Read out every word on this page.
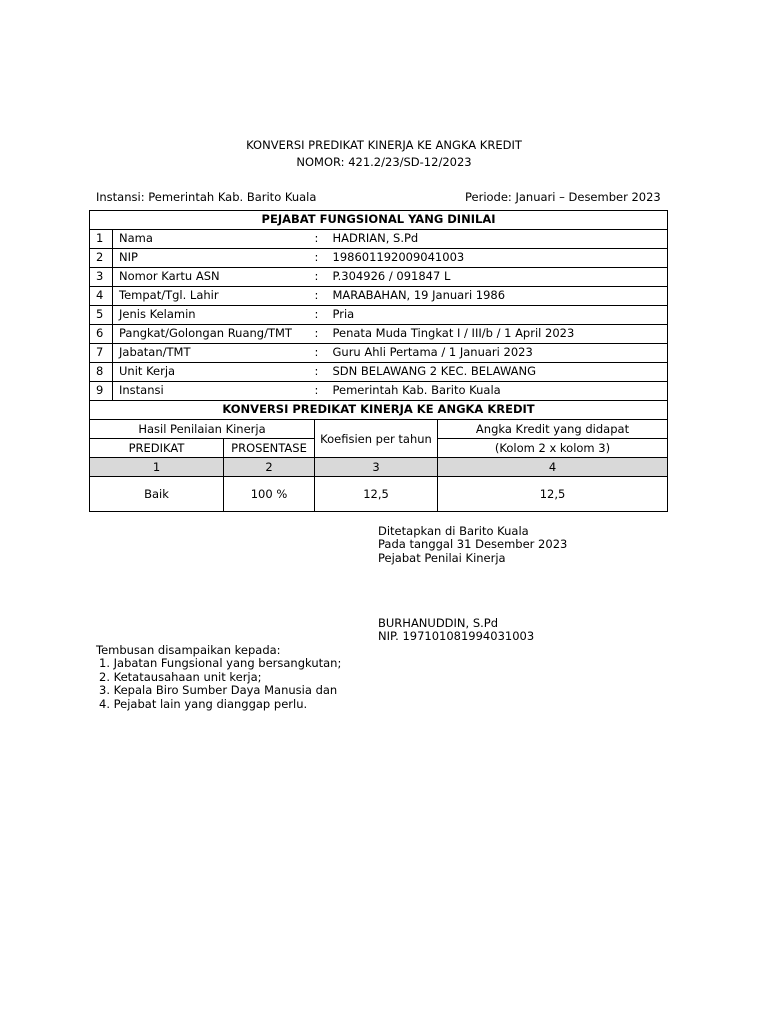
KONVERSI PREDIKAT KINERJA KE ANGKA KREDIT
NOMOR: 421.2/23/SD-12/2023
Instansi: Pemerintah Kab. Barito Kuala	Periode: Januari – Desember 2023
PEJABAT FUNGSIONAL YANG DINILAI				
1	Nama		: HADRIAN, S.Pd	
2	NIP		: 198601192009041003	
3	Nomor Kartu ASN		: P.304926 / 091847 L	
4	Tempat/Tgl. Lahir		: MARABAHAN, 19 Januari 1986	
5	Jenis Kelamin		: Pria	
6	Pangkat/Golongan Ruang/TMT		: Penata Muda Tingkat I / III/b / 1 April 2023	
7	Jabatan/TMT		: Guru Ahli Pertama / 1 Januari 2023	
8	Unit Kerja		: SDN BELAWANG 2 KEC. BELAWANG	
9	Instansi		: Pemerintah Kab. Barito Kuala	
KONVERSI PREDIKAT KINERJA KE ANGKA KREDIT				
Hasil Penilaian Kinerja			Koefisien per tahun	Angka Kredit yang didapat
PREDIKAT		PROSENTASE		(Kolom 2 x kolom 3)
1		2	3	4
Baik		100 %	12,5	12,5
Ditetapkan di Barito Kuala
Pada tanggal 31 Desember 2023
Pejabat Penilai Kinerja
BURHANUDDIN, S.Pd
NIP. 197101081994031003
Tembusan disampaikan kepada:
1. Jabatan Fungsional yang bersangkutan;
2. Ketatausahaan unit kerja;
3. Kepala Biro Sumber Daya Manusia dan
4. Pejabat lain yang dianggap perlu.
